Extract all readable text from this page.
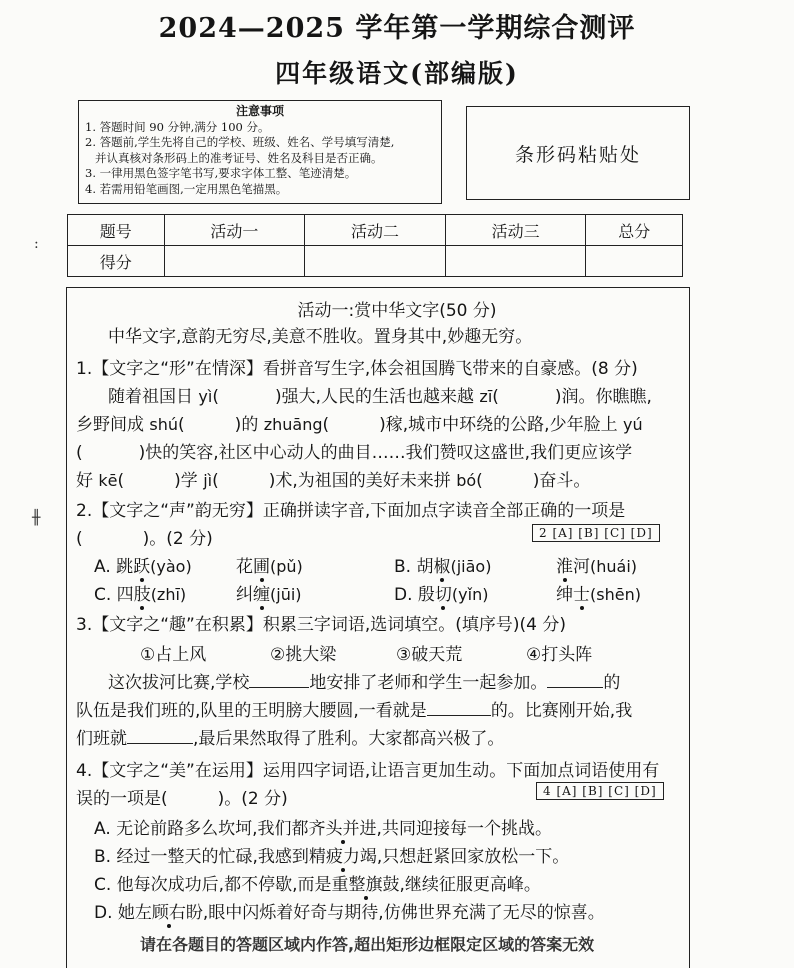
2024—2025 学年第一学期综合测评
四年级语文(部编版)
注意事项
1. 答题时间 90 分钟,满分 100 分。
2. 答题前,学生先将自己的学校、班级、姓名、学号填写清楚,
并认真核对条形码上的准考证号、姓名及科目是否正确。
3. 一律用黑色签字笔书写,要求字体工整、笔迹清楚。
4. 若需用铅笔画图,一定用黑色笔描黑。
条形码粘贴处
题号	活动一	活动二	活动三	总分
得分				
活动一:赏中华文字(50 分)
中华文字,意韵无穷尽,美意不胜收。置身其中,妙趣无穷。
1.【文字之“形”在情深】看拼音写生字,体会祖国腾飞带来的自豪感。(8 分)
随着祖国日 yì(	)强大,人民的生活也越来越 zī(	)润。你瞧瞧,
乡野间成 shú(	)的 zhuāng(	)稼,城市中环绕的公路,少年脸上 yú
(	)快的笑容,社区中心动人的曲目……我们赞叹这盛世,我们更应该学
好 kē(	)学 jì(	)术,为祖国的美好未来拼 bó(	)奋斗。
2.【文字之“声”韵无穷】正确拼读字音,下面加点字读音全部正确的一项是
(	)。(2 分)	2 [A] [B] [C] [D]
A. 跳跃(yào)	花圃(pǔ)	B. 胡椒(jiāo)	淮河(huái)
C. 四肢(zhī)	纠缠(jūi)	D. 殷切(yǐn)	绅士(shēn)
3.【文字之“趣”在积累】积累三字词语,选词填空。(填序号)(4 分)
①占上风	②挑大梁	③破天荒	④打头阵
这次拔河比赛,学校	地安排了老师和学生一起参加。	的
队伍是我们班的,队里的王明膀大腰圆,一看就是	的。比赛刚开始,我
们班就	,最后果然取得了胜利。大家都高兴极了。
4.【文字之“美”在运用】运用四字词语,让语言更加生动。下面加点词语使用有
误的一项是(	)。(2 分)	4 [A] [B] [C] [D]
A. 无论前路多么坎坷,我们都齐头并进,共同迎接每一个挑战。
B. 经过一整天的忙碌,我感到精疲力竭,只想赶紧回家放松一下。
C. 他每次成功后,都不停歇,而是重整旗鼓,继续征服更高峰。
D. 她左顾右盼,眼中闪烁着好奇与期待,仿佛世界充满了无尽的惊喜。
请在各题目的答题区域内作答,超出矩形边框限定区域的答案无效
:
╫
